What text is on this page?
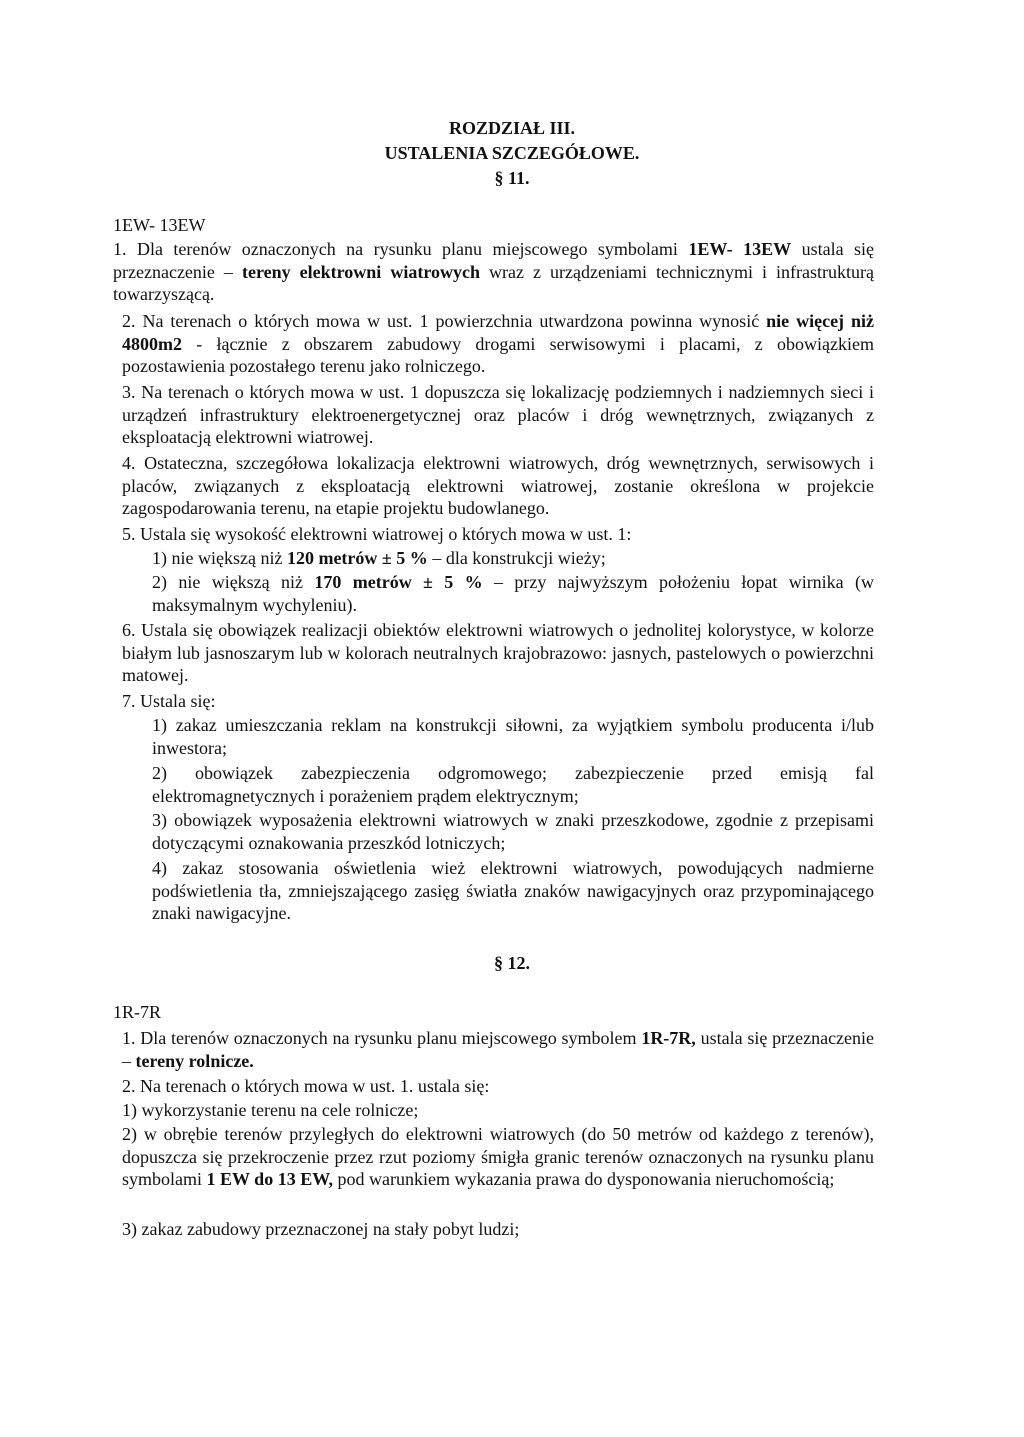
ROZDZIAŁ III.
USTALENIA SZCZEGÓŁOWE.
§ 11.
1EW- 13EW

1. Dla terenów oznaczonych na rysunku planu miejscowego symbolami 1EW- 13EW ustala się przeznaczenie – tereny elektrowni wiatrowych wraz z urządzeniami technicznymi i infrastrukturą towarzyszącą.

2. Na terenach o których mowa w ust. 1 powierzchnia utwardzona powinna wynosić nie więcej niż 4800m2 - łącznie z obszarem zabudowy drogami serwisowymi i placami, z obowiązkiem pozostawienia pozostałego terenu jako rolniczego.

3. Na terenach o których mowa w ust. 1 dopuszcza się lokalizację podziemnych i nadziemnych sieci i urządzeń infrastruktury elektroenergetycznej oraz placów i dróg wewnętrznych, związanych z eksploatacją elektrowni wiatrowej.

4. Ostateczna, szczegółowa lokalizacja elektrowni wiatrowych, dróg wewnętrznych, serwisowych i placów, związanych z eksploatacją elektrowni wiatrowej, zostanie określona w projekcie zagospodarowania terenu, na etapie projektu budowlanego.

5. Ustala się wysokość elektrowni wiatrowej o których mowa w ust. 1:

1) nie większą niż 120 metrów ± 5 % – dla konstrukcji wieży;

2) nie większą niż 170 metrów ± 5 % – przy najwyższym położeniu łopat wirnika (w maksymalnym wychyleniu).

6. Ustala się obowiązek realizacji obiektów elektrowni wiatrowych o jednolitej kolorystyce, w kolorze białym lub jasnoszarym lub w kolorach neutralnych krajobrazowo: jasnych, pastelowych o powierzchni matowej.

7. Ustala się:

1) zakaz umieszczania reklam na konstrukcji siłowni, za wyjątkiem symbolu producenta i/lub inwestora;

2) obowiązek zabezpieczenia odgromowego; zabezpieczenie przed emisją fal elektromagnetycznych i porażeniem prądem elektrycznym;

3) obowiązek wyposażenia elektrowni wiatrowych w znaki przeszkodowe, zgodnie z przepisami dotyczącymi oznakowania przeszkód lotniczych;

4) zakaz stosowania oświetlenia wież elektrowni wiatrowych, powodujących nadmierne podświetlenia tła, zmniejszającego zasięg światła znaków nawigacyjnych oraz przypominającego znaki nawigacyjne.

§ 12.
1R-7R

1. Dla terenów oznaczonych na rysunku planu miejscowego symbolem 1R-7R, ustala się przeznaczenie – tereny rolnicze.

2. Na terenach o których mowa w ust. 1. ustala się:

1) wykorzystanie terenu na cele rolnicze;

2) w obrębie terenów przyległych do elektrowni wiatrowych (do 50 metrów od każdego z terenów), dopuszcza się przekroczenie przez rzut poziomy śmigła granic terenów oznaczonych na rysunku planu symbolami 1 EW do 13 EW, pod warunkiem wykazania prawa do dysponowania nieruchomością;

3) zakaz zabudowy przeznaczonej na stały pobyt ludzi;
